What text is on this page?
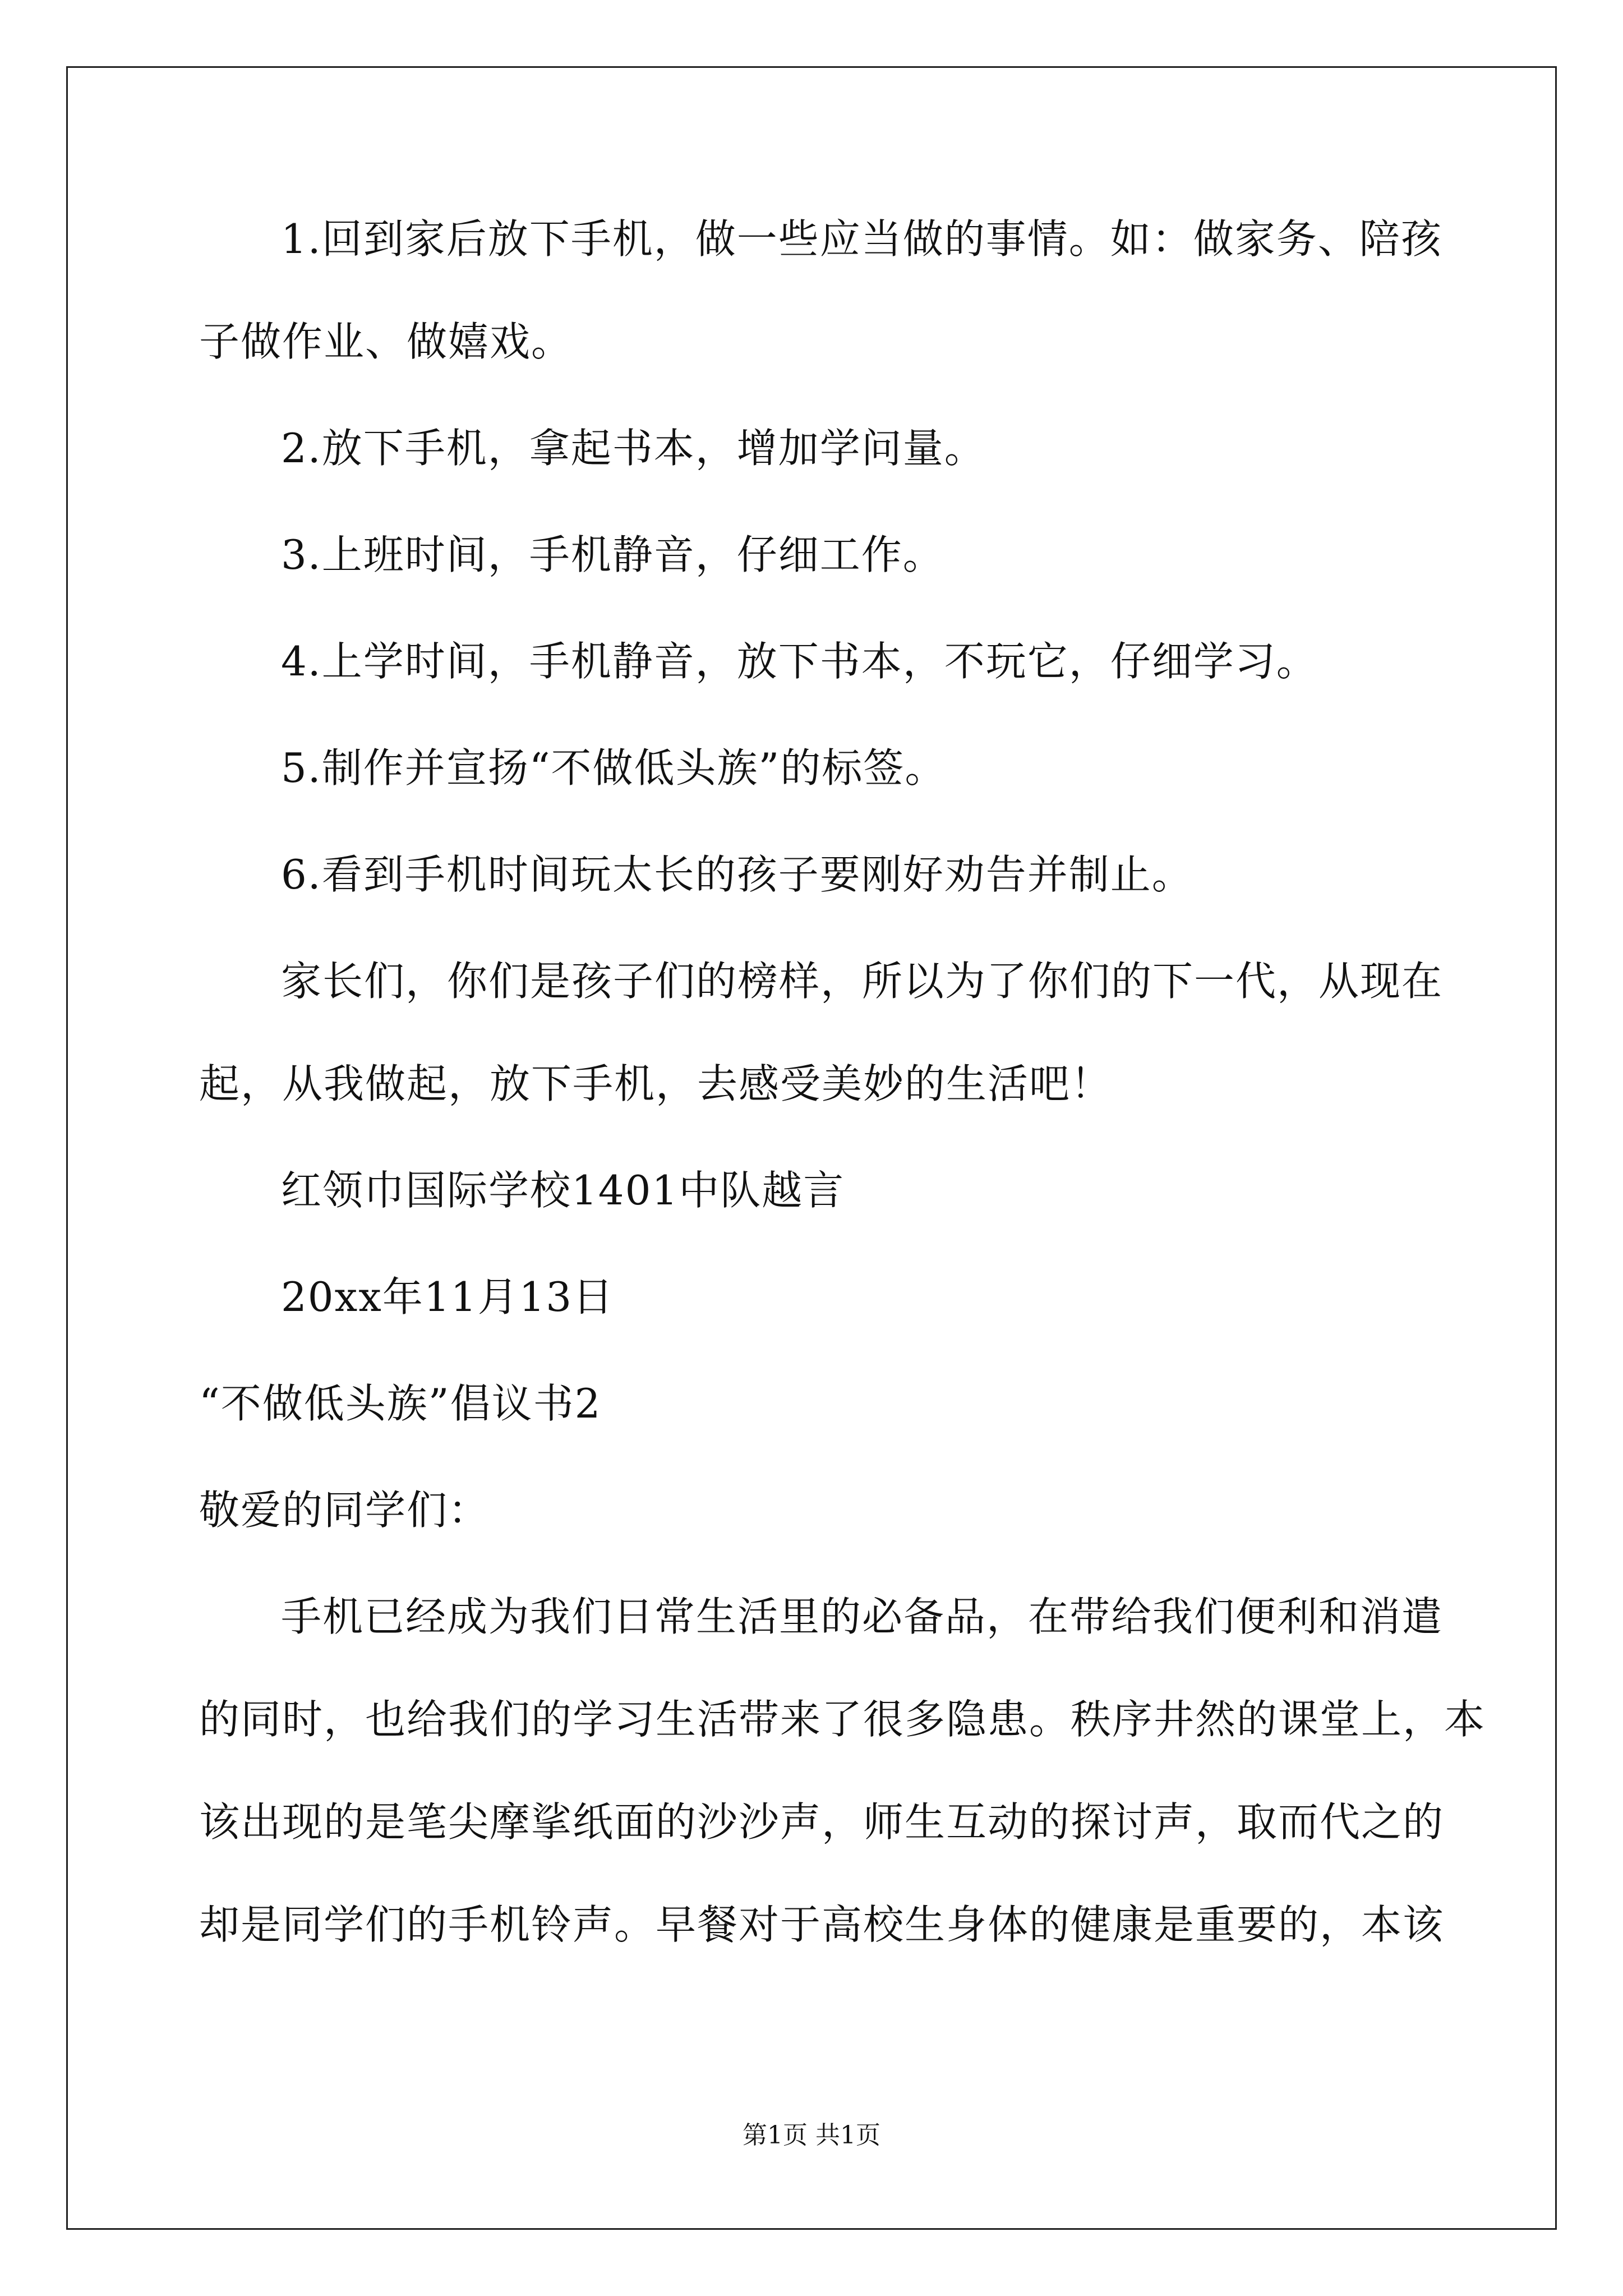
1.回到家后放下手机，做一些应当做的事情。如：做家务、陪孩
子做作业、做嬉戏。
2.放下手机，拿起书本，增加学问量。
3.上班时间，手机静音，仔细工作。
4.上学时间，手机静音，放下书本，不玩它，仔细学习。
5.制作并宣扬“不做低头族”的标签。
6.看到手机时间玩太长的孩子要刚好劝告并制止。
家长们，你们是孩子们的榜样，所以为了你们的下一代，从现在
起，从我做起，放下手机，去感受美妙的生活吧！
红领巾国际学校1401中队越言
20xx年11月13日
“不做低头族”倡议书2
敬爱的同学们：
手机已经成为我们日常生活里的必备品，在带给我们便利和消遣
的同时，也给我们的学习生活带来了很多隐患。秩序井然的课堂上，本
该出现的是笔尖摩挲纸面的沙沙声，师生互动的探讨声，取而代之的
却是同学们的手机铃声。早餐对于高校生身体的健康是重要的，本该
第1页 共1页
